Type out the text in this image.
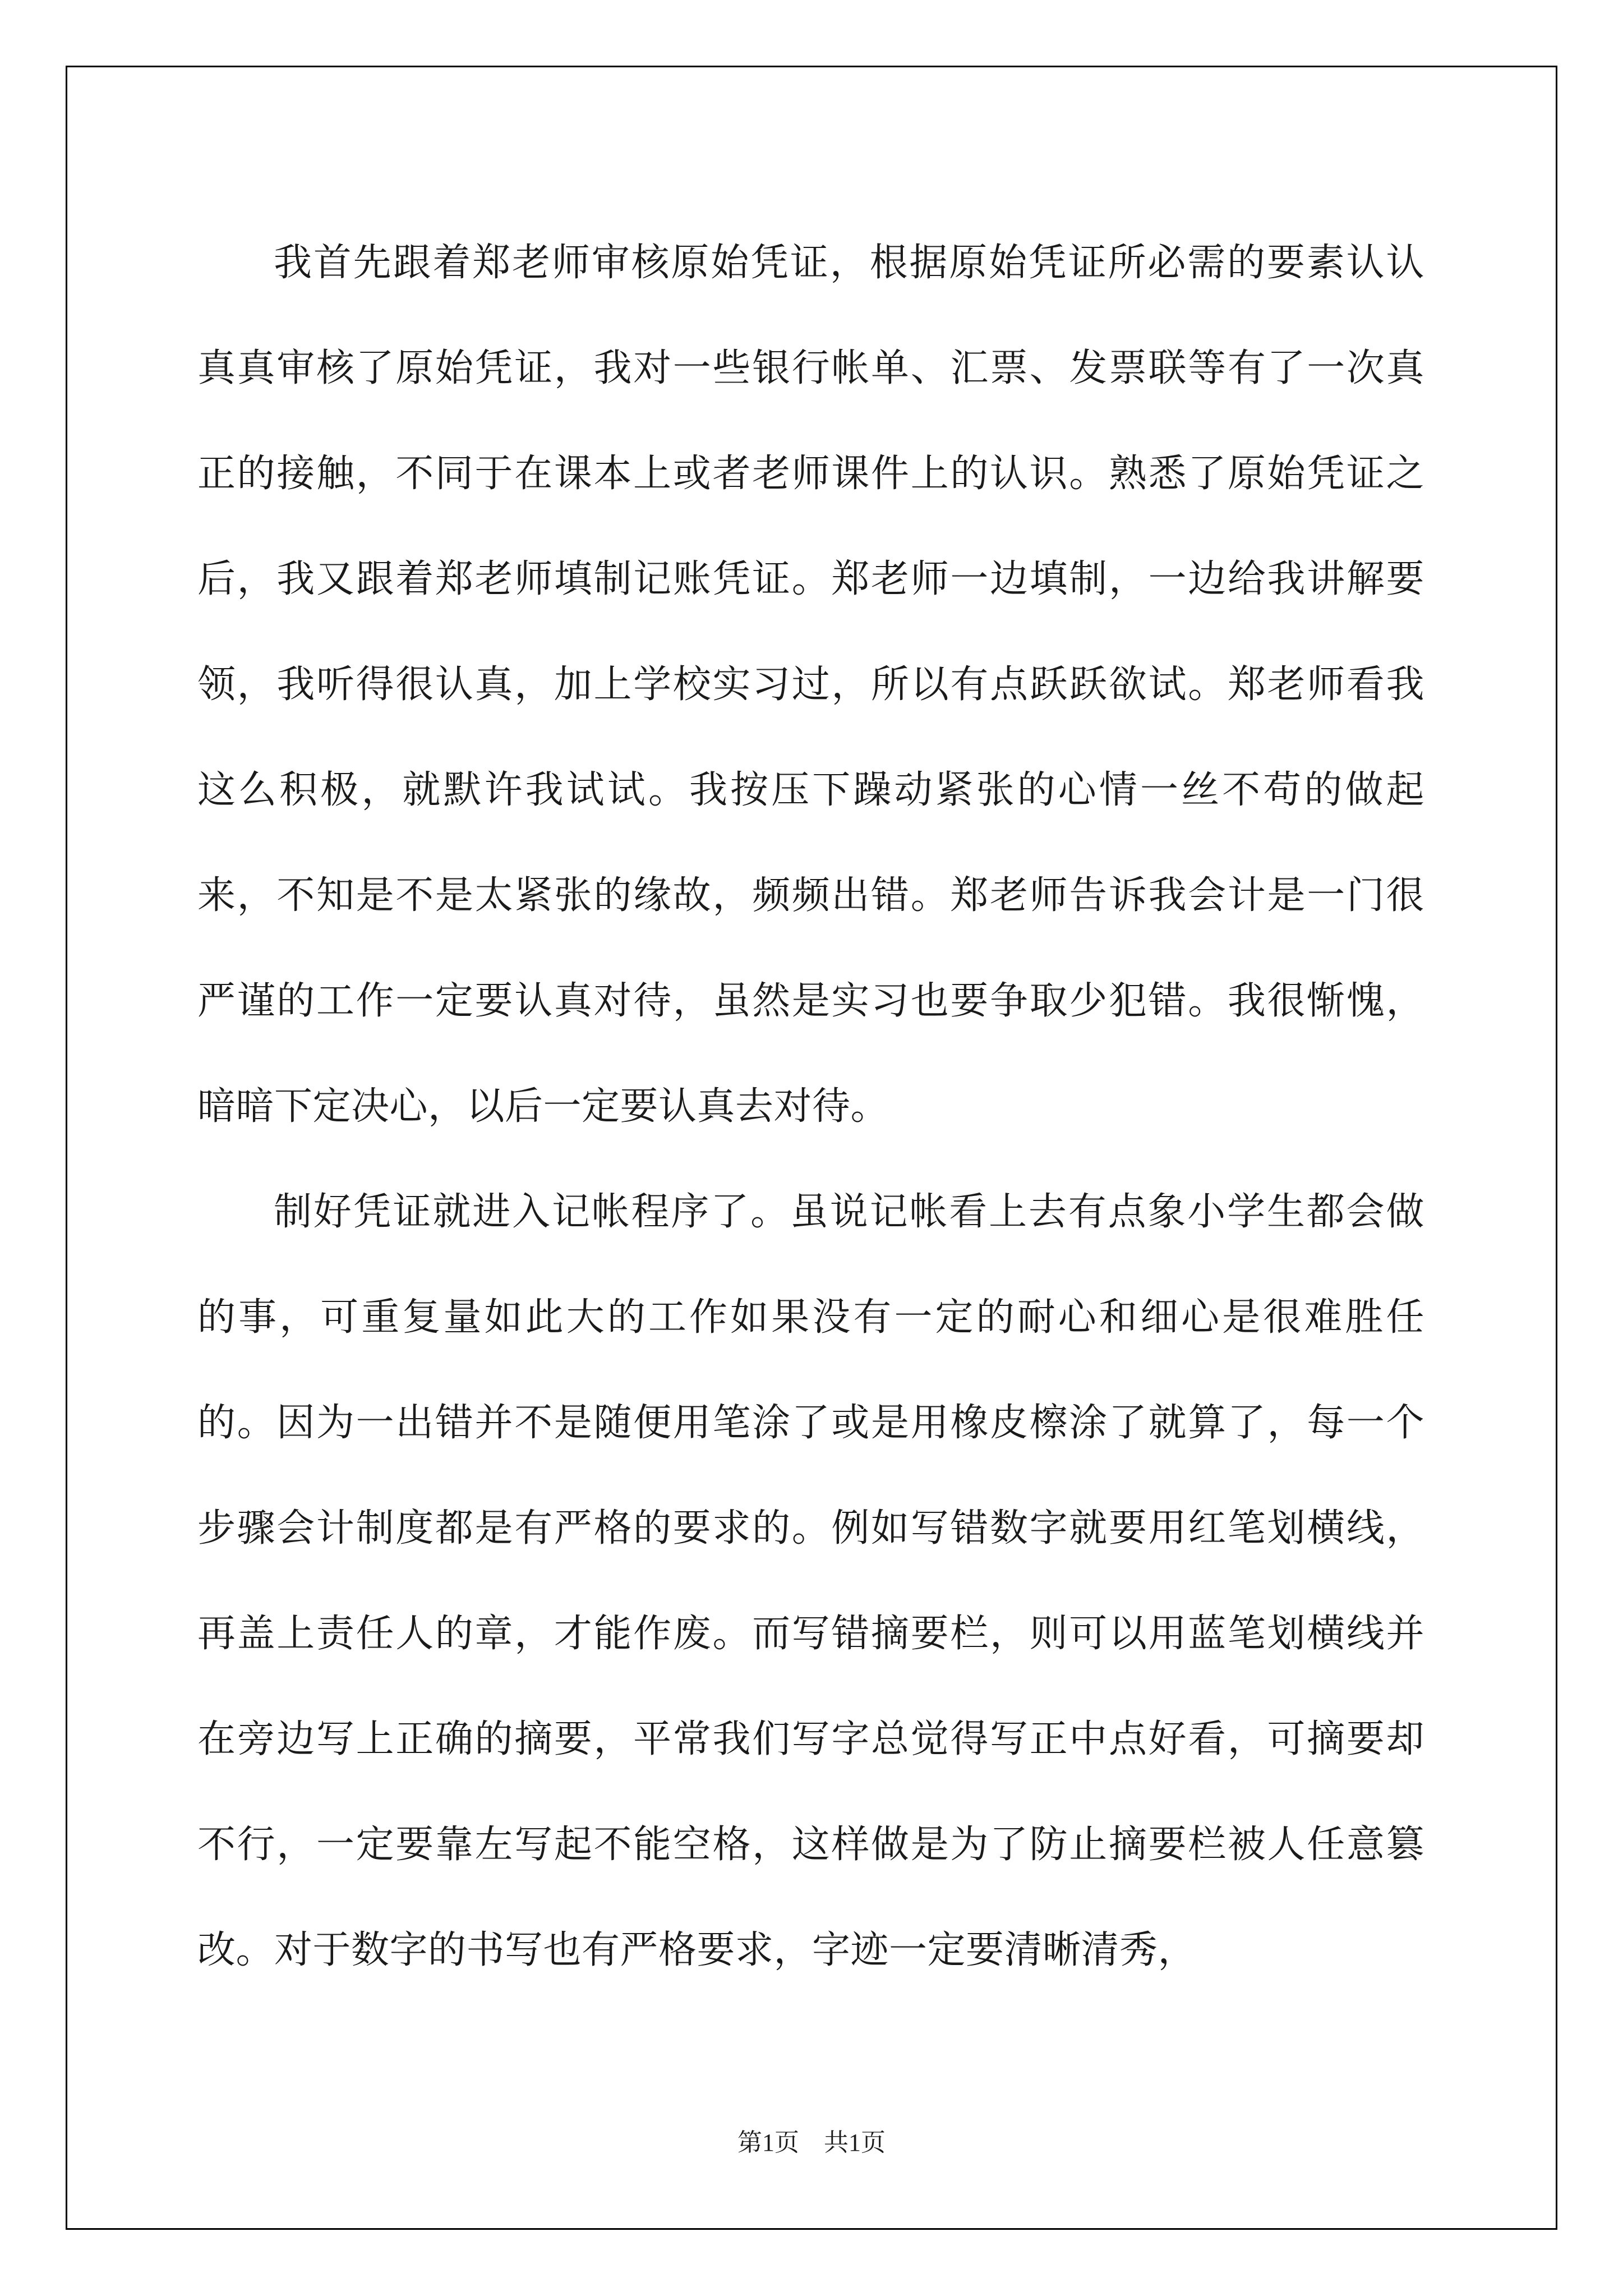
我首先跟着郑老师审核原始凭证，根据原始凭证所必需的要素认认真真审核了原始凭证，我对一些银行帐单、汇票、发票联等有了一次真正的接触，不同于在课本上或者老师课件上的认识。熟悉了原始凭证之后，我又跟着郑老师填制记账凭证。郑老师一边填制，一边给我讲解要领，我听得很认真，加上学校实习过，所以有点跃跃欲试。郑老师看我这么积极，就默许我试试。我按压下躁动紧张的心情一丝不苟的做起来，不知是不是太紧张的缘故，频频出错。郑老师告诉我会计是一门很严谨的工作一定要认真对待，虽然是实习也要争取少犯错。我很惭愧，暗暗下定决心，以后一定要认真去对待。

制好凭证就进入记帐程序了。虽说记帐看上去有点象小学生都会做的事，可重复量如此大的工作如果没有一定的耐心和细心是很难胜任的。因为一出错并不是随便用笔涂了或是用橡皮檫涂了就算了，每一个步骤会计制度都是有严格的要求的。例如写错数字就要用红笔划横线，再盖上责任人的章，才能作废。而写错摘要栏，则可以用蓝笔划横线并在旁边写上正确的摘要，平常我们写字总觉得写正中点好看，可摘要却不行，一定要靠左写起不能空格，这样做是为了防止摘要栏被人任意篡改。对于数字的书写也有严格要求，字迹一定要清晰清秀，

第1页 共1页
